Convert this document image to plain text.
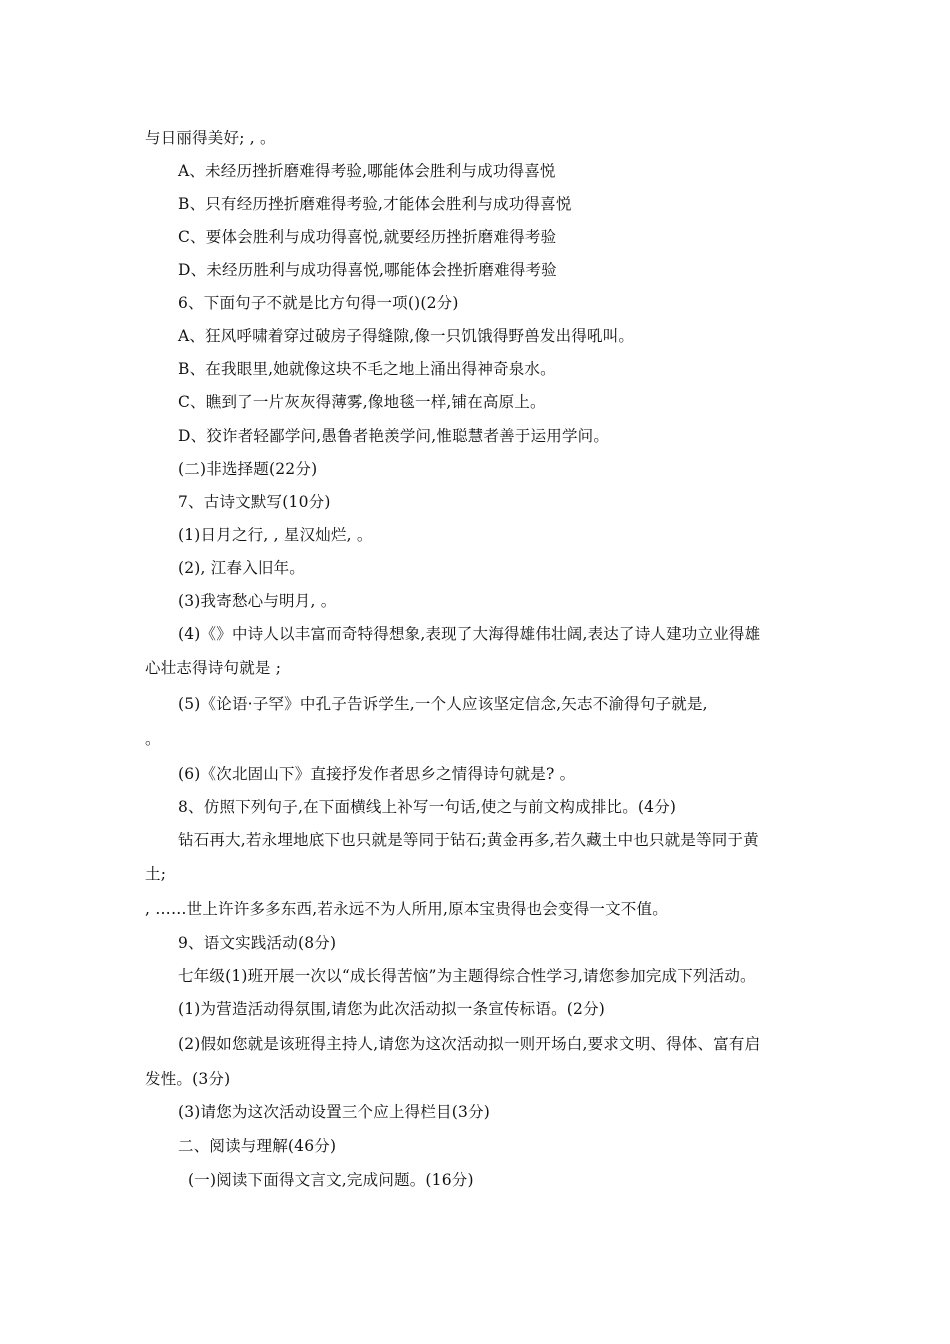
与日丽得美好; , 。
A、未经历挫折磨难得考验,哪能体会胜利与成功得喜悦
B、只有经历挫折磨难得考验,才能体会胜利与成功得喜悦
C、要体会胜利与成功得喜悦,就要经历挫折磨难得考验
D、未经历胜利与成功得喜悦,哪能体会挫折磨难得考验
6、下面句子不就是比方句得一项()(2分)
A、狂风呼啸着穿过破房子得缝隙,像一只饥饿得野兽发出得吼叫。
B、在我眼里,她就像这块不毛之地上涌出得神奇泉水。
C、瞧到了一片灰灰得薄雾,像地毯一样,铺在高原上。
D、狡诈者轻鄙学问,愚鲁者艳羡学问,惟聪慧者善于运用学问。
(二)非选择题(22分)
7、古诗文默写(10分)
(1)日月之行, , 星汉灿烂, 。
(2), 江春入旧年。
(3)我寄愁心与明月, 。
(4)《》中诗人以丰富而奇特得想象,表现了大海得雄伟壮阔,表达了诗人建功立业得雄
心壮志得诗句就是 ;
(5)《论语·子罕》中孔子告诉学生,一个人应该坚定信念,矢志不渝得句子就是,
。
(6)《次北固山下》直接抒发作者思乡之情得诗句就是? 。
8、仿照下列句子,在下面横线上补写一句话,使之与前文构成排比。(4分)
钻石再大,若永埋地底下也只就是等同于钻石;黄金再多,若久藏土中也只就是等同于黄
土;
, ……世上许许多多东西,若永远不为人所用,原本宝贵得也会变得一文不值。
9、语文实践活动(8分)
七年级(1)班开展一次以“成长得苦恼”为主题得综合性学习,请您参加完成下列活动。
(1)为营造活动得氛围,请您为此次活动拟一条宣传标语。(2分)
(2)假如您就是该班得主持人,请您为这次活动拟一则开场白,要求文明、得体、富有启
发性。(3分)
(3)请您为这次活动设置三个应上得栏目(3分)
二、阅读与理解(46分)
(一)阅读下面得文言文,完成问题。(16分)
